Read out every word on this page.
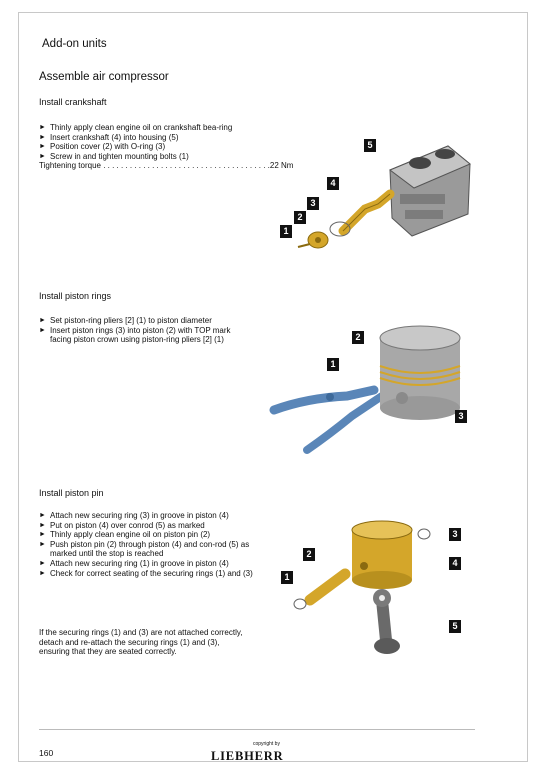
Add-on units
Assemble air compressor
Install crankshaft
► Thinly apply clean engine oil on crankshaft bea-ring
► Insert crankshaft (4) into housing (5)
► Position cover (2) with O-ring (3)
► Screw in and tighten mounting bolts (1)
Tightening torque . . . . . . . . . . . . . . . . . . . . . . . . . . . . . . . . . . . . . . 22 Nm
5
4
3
2
1
Install piston rings
► Set piston-ring pliers [2] (1) to piston diameter
► Insert piston rings (3) into piston (2) with TOP mark facing piston crown using piston-ring pliers [2] (1)	2
1
3
Install piston pin
► Attach new securing ring (3) in groove in piston (4)
► Put on piston (4) over conrod (5) as marked
► Thinly apply clean engine oil on piston pin (2)
► Push piston pin (2) through piston (4) and con-rod (5) as marked until the stop is reached
► Attach new securing ring (1) in groove in piston (4)
► Check for correct seating of the securing rings (1) and (3)
If the securing rings (1) and (3) are not attached correctly, detach and re-attach the securing rings (1) and (3), ensuring that they are seated correctly.
3
2
4
1
5
160
copyright by
LIEBHERR
